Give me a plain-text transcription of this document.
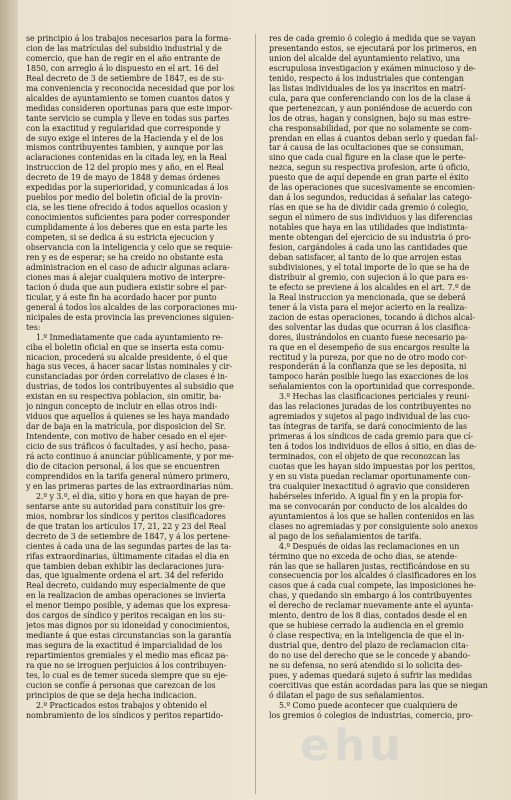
se principio á los trabajos necesarios para la forma-

cion de las matrículas del subsidio industrial y de

comercio, que han de regir en el año entrante de

1850, con arreglo á lo dispuesto en el art. 16 del

Real decreto de 3 de setiembre de 1847, es de su-

ma conveniencia y reconocida necesidad que por los

alcaldes de ayuntamiento se tomen cuantos datos y

medidas consideren oportunas para que este impor-

tante servicio se cumpla y lleve en todas sus partes

con la exactitud y regularidad que corresponde y

de suyo exige el interes de la Hacienda y el de los

mismos contribuyentes tambien, y aunque por las

aclaraciones contenidas en la citada ley, en la Real

instruccion de 12 del propio mes y año, en el Real

decreto de 19 de mayo de 1848 y demas órdenes

expedidas por la superioridad, y comunicadas á los

pueblos por medio del boletin oficial de la provin-

cia, se les tiene ofrecido á todos aquellos ocasion y

conocimientos suficientes para poder corresponder

cumplidamente á los deberes que en esta parte les

competen, si se dedica á su estricta ejecucion y

observancia con la inteligencia y celo que se requie-

ren y es de esperar; se ha creido no obstante esta

administracion en el caso de aducir algunas aclara-

ciones mas á alejar cualquiera motivo de interpre-

tacion ó duda que aun pudiera existir sobre el par-

ticular, y á este fin ha acordado hacer por punto

general á todos los alcaldes de las corporaciones mu-

nicipales de esta provincia las prevenciones siguien-

tes:

1.º Inmediatamente que cada ayuntamiento re-

ciba el boletin oficial en que se inserta esta comu-

nicacion, procederá su alcalde presidente, ó el que

haga sus veces, á hacer sacar listas nominales y cir-

cunstanciadas por órden correlativo de clases é in-

dustrias, de todos los contribuyentes al subsidio que

existan en su respectiva poblacion, sin omitir, ba-

jo ningun concepto de incluir en ellas otros indi-

viduos que aquellos á quienes se les haya mandado

dar de baja en la matrícula, por disposicion del Sr.

Intendente, con motivo de haber cesado en el ejer-

cicio de sus tráficos ó facultades, y así hecho, pasa-

rá acto continuo á anunciar públicamente, y por me-

dio de citacion personal, á los que se encuentren

comprendidos en la tarifa general número primero,

y en las primeras partes de las extraordinarias núm.

2.º y 3.º, el dia, sitio y hora en que hayan de pre-

sentarse ante su autoridad para constituir los gre-

mios, nombrar los síndicos y peritos clasificadores

de que tratan los artículos 17, 21, 22 y 23 del Real

decreto de 3 de setiembre de 1847, y á los pertene-

cientes á cada una de las segundas partes de las ta-

rifas extraordinarias, últimamente citadas el dia en

que tambien deban exhibir las declaraciones jura-

das, que igualmente ordena el art. 34 del referido

Real decreto, cuidando muy especialmente de que

en la realizacion de ambas operaciones se invierta

el menor tiempo posible, y ademas que los expresa-

dos cargos de síndico y peritos recaigan en los su-

jetos mas dignos por su idoneidad y conocimientos,

mediante á que estas circunstancias son la garantía

mas segura de la exactitud é imparcialidad de los

repartimientos gremiales y el medio mas eficaz pa-

ra que no se irroguen perjuicios á los contribuyen-

tes, lo cual es de temer suceda siempre que su eje-

cucion se confíe á personas que carezcan de los

principios de que se deja hecha indicacion.

2.º Practicados estos trabajos y obtenido el

nombramiento de los síndicos y peritos repartido-

res de cada gremio ó colegio á medida que se vayan

presentando estos, se ejecutará por los primeros, en

union del alcalde del ayuntamiento relativo, una

escrupulosa investigacion y exámen minucioso y de-

tenido, respecto á los industriales que contengan

las listas individuales de los ya inscritos en matrí-

cula, para que conferenciando con los de la clase á

que pertenezcan, y aun poniéndose de acuerdo con

los de otras, hagan y consignen, bajo su mas estre-

cha responsabilidad, por que no solamente se com-

prendan en ellas á cuantos deban serlo y quedan fal-

tar á causa de las ocultaciones que se consuman,

sino que cada cual figure en la clase que le perte-

nezca, segun su respectiva profesion, arte ú oficio,

puesto que de aquí depende en gran parte el éxito

de las operaciones que sucesivamente se encomien-

dan á los segundos, reducidas á señalar las catego-

rías en que se ha de dividir cada gremio ó colegio,

segun el número de sus individuos y las diferencias

notables que haya en las utilidades que indistinta-

mente obtengan del ejercicio de su industria ó pro-

fesion, cargándoles á cada uno las cantidades que

deban satisfacer, al tanto de lo que arrojen estas

subdivisiones, y el total importe de lo que se ha de

distribuir al gremio, con sujecion á lo que para es-

te efecto se previene á los alcaldes en el art. 7.º de

la Real instruccion ya mencionada, que se deberá

tener á la vista para el mejor acierto en la realiza-

zacion de estas operaciones, tocando á dichos alcal-

des solventar las dudas que ocurran á los clasifica-

dores, ilustrándolos en cuanto fuese necesario pa-

ra que en el desempeño de sus encargos resulte la

rectitud y la pureza, por que no de otro modo cor-

responderán á la confianza que se les deposita, ni

tampoco harán posible luego las exacciones de los

señalamientos con la oportunidad que corresponde.

3.º Hechas las clasificaciones periciales y reuni-

das las relaciones juradas de los contribuyentes no

agremiados y sujetos al pago individual de las cuo-

tas íntegras de tarifa, se dará conocimiento de las

primeras á los síndicos de cada gremio para que cí-

ten á todos los individuos de ellos á sitio, en dias de-

terminados, con el objeto de que reconozcan las

cuotas que les hayan sido impuestas por los peritos,

y en su vista puedan reclamar oportunamente con-

tra cualquier inexactitud ó agravio que consideren

habérseles inferido. A igual fin y en la propia for-

ma se convocarán por conducto de los alcaldes do

ayuntamientos á los que se hallen contenidos en las

clases no agremiadas y por consiguiente solo anexos

al pago de los señalamientos de tarifa.

4.º Después de oidas las reclamaciones en un

término que no exceda de ocho dias, se atende-

rán las que se hallaren justas, rectificándose en su

consecuencia por los alcaldes ó clasificadores en los

casos que á cada cual compete, las imposiciones he-

chas, y quedando sin embargo á los contribuyentes

el derecho de reclamar nuevamente ante el ayunta-

miento, dentro de los 8 dias, contados desde el en

que se hubiese cerrado la audiencia en el gremio

ó clase respectiva; en la inteligencia de que el in-

dustrial que, dentro del plazo de reclamacion cita-

do no use del derecho que se le concede y abando-

ne su defensa, no será atendido si lo solicita des-

pues, y ademas quedará sujeto á sufrir las medidas

coercitivas que están acordadas para las que se niegan

ó dilatan el pago de sus señalamientos.

5.º Como puede acontecer que cualquiera de

los gremios ó colegios de industrias, comercio, pro-

ehu
